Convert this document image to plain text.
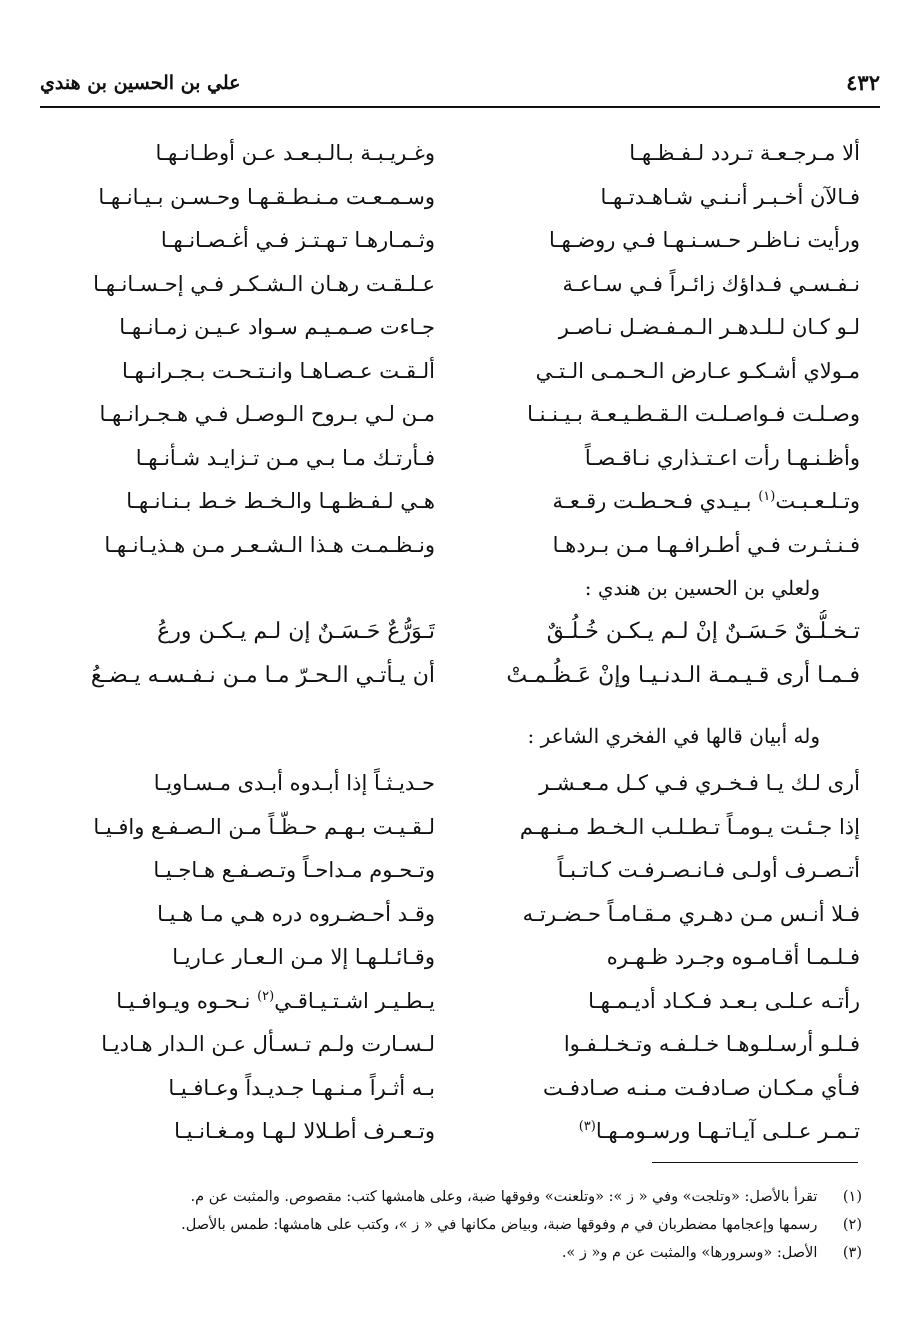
علي بن الحسين بن هندي	٤٣٢
ألا مـرجـعـة تـردد لـفـظـهـا
فـالآن أخـبـر أنـنـي شـاهـدتـهـا
ورأيت نـاظـر حـسـنـهـا فـي روضـهـا
نـفـسـي فـداؤك زائـراً فـي سـاعـة
لـو كـان لـلـدهـر الـمـفـضـل نـاصـر
مـولاي أشـكـو عـارض الـحـمـى الـتـي
وصـلـت فـواصـلـت الـقـطـيـعـة بـيـنـنـا
وأظـنـهـا رأت اعـتـذاري نـاقـصـاً
وتـلـعـبـت$^{(١)}$ بـيـدي فـحـطـت رقـعـة
فـنـثـرت فـي أطـرافـهـا مـن بـردهـا
ولعلي بن الحسين بن هندي :
تـخـلُّـقٌ حَـسَـنٌ إنْ لـم يـكـن خُـلُـقٌ
فـمـا أرى قـيـمـة الـدنـيـا وإنْ عَـظُـمـتْ
وله أبيان قالها في الفخري الشاعر :
أرى لـك يـا فـخـري فـي كـل مـعـشـر
إذا جـئـت يـومـاً تـطـلـب الـخـط مـنـهـم
أتـصـرف أولـى فـانـصـرفـت كـاتـبـاً
فـلا أنـس مـن دهـري مـقـامـاً حـضـرتـه
فـلـمـا أقـامـوه وجـرد ظـهـره
رأتـه عـلـى بـعـد فـكـاد أديـمـهـا
فـلـو أرسـلـوهـا خـلـفـه وتـخـلـفـوا
فـأي مـكـان صـادفـت مـنـه صـادفـت
تـمـر عـلـى آيـاتـهـا ورسـومـهـا$^{(٣)}$
وغـريـبـة بـالـبـعـد عـن أوطـانـهـا
وسـمـعـت مـنـطـقـهـا وحـسـن بـيـانـهـا
وثـمـارهـا تـهـتـز فـي أغـصـانـهـا
عـلـقـت رهـان الـشـكـر فـي إحـسـانـهـا
جـاءت صـمـيـم سـواد عـيـن زمـانـهـا
ألـقـت عـصـاهـا وانـتـحـت بـجـرانـهـا
مـن لـي بـروح الـوصـل فـي هـجـرانـهـا
فـأرتـك مـا بـي مـن تـزايـد شـأنـهـا
هـي لـفـظـهـا والـخـط خـط بـنـانـهـا
ونـظـمـت هـذا الـشـعـر مـن هـذيـانـهـا
تَـوَرُّعٌ حَـسَـنٌ إن لـم يـكـن ورعُ
أن يـأتـي الـحـرّ مـا مـن نـفـسـه يـضـعُ
حـديـثـاً إذا أبـدوه أبـدى مـسـاويـا
لـقـيـت بـهـم حـظّـاً مـن الـصـفـع وافـيـا
وتـحـوم مـداحـاً وتـصـفـع هـاجـيـا
وقـد أحـضـروه دره هـي مـا هـيـا
وقـائـلـهـا إلا مـن الـعـار عـاريـا
يـطـيـر اشـتـيـاقـي$^{(٢)}$ نـحـوه ويـوافـيـا
لـسـارت ولـم تـسـأل عـن الـدار هـاديـا
بـه أثـراً مـنـهـا جـديـداً وعـافـيـا
وتـعـرف أطـلالا لـهـا ومـغـانـيـا
(١) تقرأ بالأصل: «وتلجت» وفي « ز »: «وتلعنت» وفوقها ضبة، وعلى هامشها كتب: مقصوص. والمثبت عن م.
(٢) رسمها وإعجامها مضطربان في م وفوقها ضبة، وبياض مكانها في « ز »، وكتب على هامشها: طمس بالأصل.
(٣) الأصل: «وسرورها» والمثبت عن م و« ز ».
